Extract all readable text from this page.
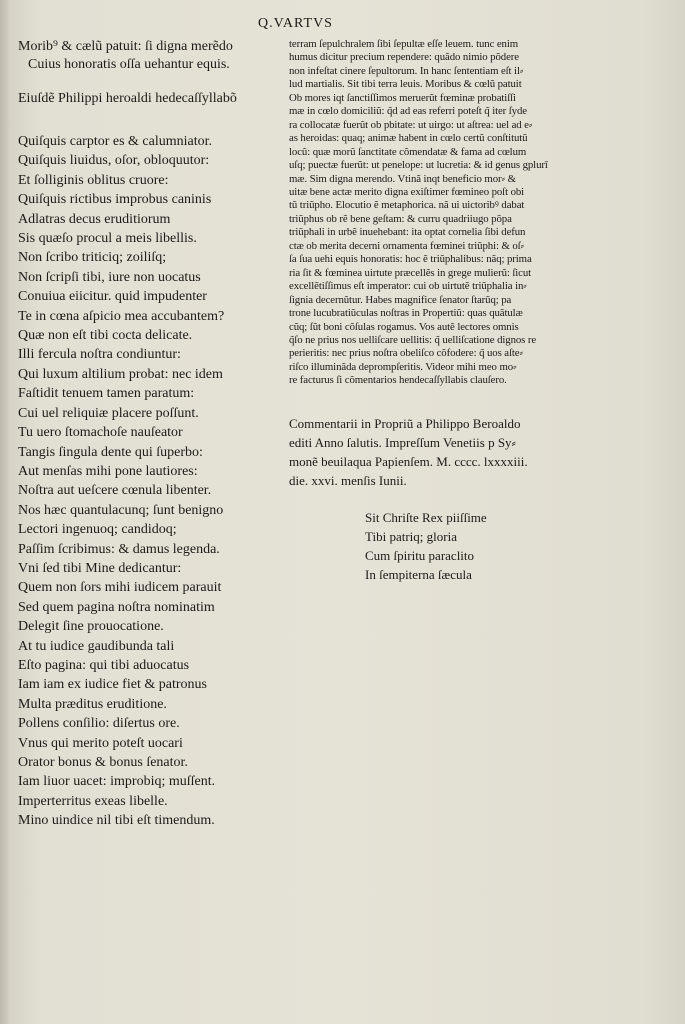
Q.VARTVS
Morib⁹ & cælũ patuit: ſi digna merẽdo
Cuius honoratis oſſa uehantur equis.
Eiuſdẽ Philippi heroaldi hedecaſſyllabõ
Quiſquis carptor es & calumniator.
Quiſquis liuidus, oſor, obloquutor:
Et ſolliginis oblitus cruore:
Quiſquis rictibus improbus caninis
Adlatras decus eruditiorum
Sis quæſo procul a meis libellis.
Non ſcribo triticiq; zoiliſq;
Non ſcripſi tibi, iure non uocatus
Conuiua eiicitur. quid impudenter
Te in cœna aſpicio mea accubantem?
Quæ non eſt tibi cocta delicate.
Illi fercula noſtra condiuntur:
Qui luxum altilium probat: nec idem
Faſtidit tenuem tamen paratum:
Cui uel reliquiæ placere poſſunt.
Tu uero ſtomachoſe nauſeator
Tangis ſingula dente qui ſuperbo:
Aut menſas mihi pone lautiores:
Noſtra aut ueſcere cœnula libenter.
Nos hæc quantulacunq; ſunt benigno
Lectori ingenuoq; candidoq;
Paſſim ſcribimus: & damus legenda.
Vni ſed tibi Mine dedicantur:
Quem non ſors mihi iudicem parauit
Sed quem pagina noſtra nominatim
Delegit ſine prouocatione.
At tu iudice gaudibunda tali
Eſto pagina: qui tibi aduocatus
Iam iam ex iudice fiet & patronus
Multa præditus eruditione.
Pollens conſilio: diſertus ore.
Vnus qui merito poteſt uocari
Orator bonus & bonus ſenator.
Iam liuor uacet: improbiq; muſſent.
Imperterritus exeas libelle.
Mino uindice nil tibi eſt timendum.
terram ſepulchralem ſibi ſepultæ eſſe leuem. tunc enim
humus dicitur precium rependere: quãdo nimio põdere
non infeſtat cinere ſepultorum. In hanc ſententiam eſt il⸗
lud martialis. Sit tibi terra leuis. Moribus & cœlũ patuit
Ob mores iqt ſanctiſſimos meruerũt fœminæ probatiſſi
mæ in cœlo domiciliũ: q̃d ad eas referri poteſt q̃ iter ſyde
ra collocatæ fuerũt ob pbitate: ut uirgo: ut aſtrea: uel ad e⸗
as heroidas: quaq; animæ habent in cœlo certũ conſtitutũ
locũ: quæ morũ ſanctitate cõmendatæ & fama ad cœlum
uſq; puectæ fuerũt: ut penelope: ut lucretia: & id genus gplurī
mæ. Sim digna merendo. Vtinã inqt beneficio mor⸗ &
uitæ bene actæ merito digna exiſtimer fœmineo poſt obi
tũ triũpho. Elocutio ẽ metaphorica. nã ui uictoribꝰ dabat
triũphus ob rẽ bene geſtam: & curru quadriiugo põpa
triũphali in urbẽ inuehebant: ita optat cornelia ſibi defun
ctæ ob merita decerni ornamenta fœminei triũphi: & oſ⸗
ſa ſua uehi equis honoratis: hoc ẽ triũphalibus: nãq; prima
ria ſit & fœminea uirtute præcellẽs in grege mulierũ: ſicut
excellẽtiſſimus eſt imperator: cui ob uirtutẽ triũphalia in⸗
ſignia decernũtur. Habes magnifice ſenator ſtarũq; pa
trone lucubratiũculas noſtras in Propertiũ: quas quãtulæ
cũq; ſũt boni cõſulas rogamus. Vos autẽ lectores omnis
q̃ſo ne prius nos uelliſcare uellitis: q̃ uelliſcatione dignos re
perieritis: nec prius noſtra obeliſco cõfodere: q̃ uos aſte⸗
riſco illuminãda deprompſeritis. Videor mihi meo mo⸗
re facturus ſi cõmentarios hendecaſſyllabis clauſero.
Commentarii in Propriũ a Philippo Beroaldo
editi Anno ſalutis. Impreſſum Venetiis p Sy⸗
monẽ beuilaqua Papienſem. M. cccc. lxxxxiii.
die. xxvi. menſis Iunii.
Sit Chriſte Rex piiſſime
Tibi patriq; gloria
Cum ſpiritu paraclito
In ſempiterna ſæcula
